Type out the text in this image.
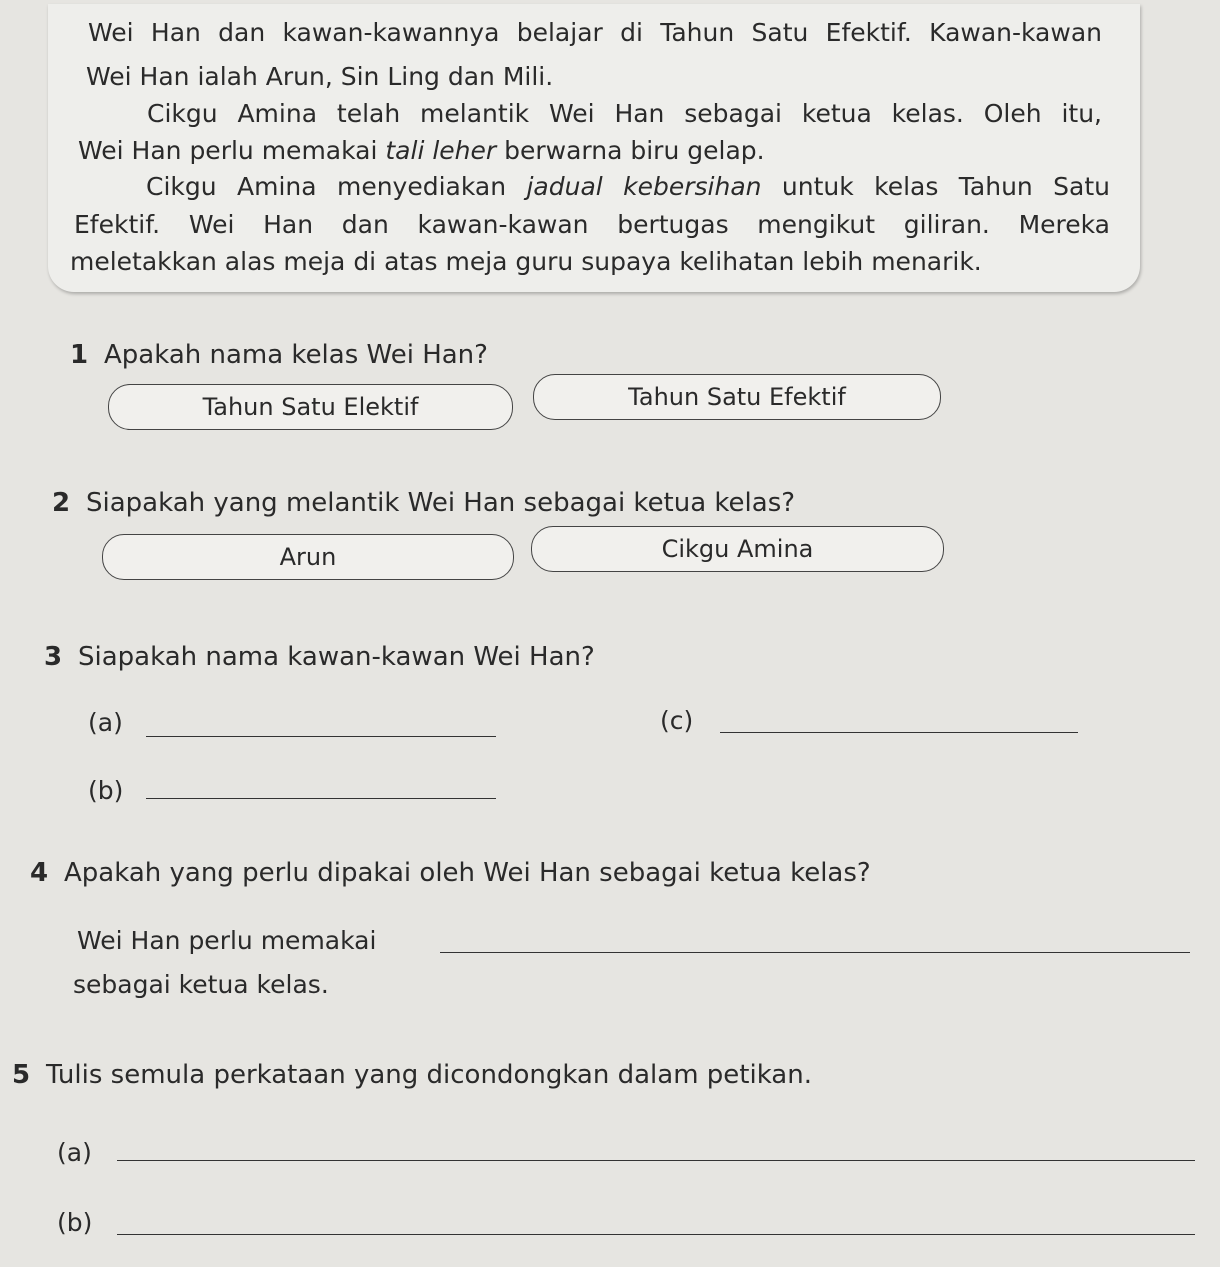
Wei Han dan kawan-kawannya belajar di Tahun Satu Efektif. Kawan-kawan
Wei Han ialah Arun, Sin Ling dan Mili.
Cikgu Amina telah melantik Wei Han sebagai ketua kelas. Oleh itu,
Wei Han perlu memakai tali leher berwarna biru gelap.
Cikgu Amina menyediakan jadual kebersihan untuk kelas Tahun Satu
Efektif. Wei Han dan kawan-kawan bertugas mengikut giliran. Mereka
meletakkan alas meja di atas meja guru supaya kelihatan lebih menarik.
1 Apakah nama kelas Wei Han?
Tahun Satu Elektif	Tahun Satu Efektif
2 Siapakah yang melantik Wei Han sebagai ketua kelas?
Arun	Cikgu Amina
3 Siapakah nama kawan-kawan Wei Han?
(a)
(b)
(c)
4 Apakah yang perlu dipakai oleh Wei Han sebagai ketua kelas?
Wei Han perlu memakai
sebagai ketua kelas.
5 Tulis semula perkataan yang dicondongkan dalam petikan.
(a)
(b)
